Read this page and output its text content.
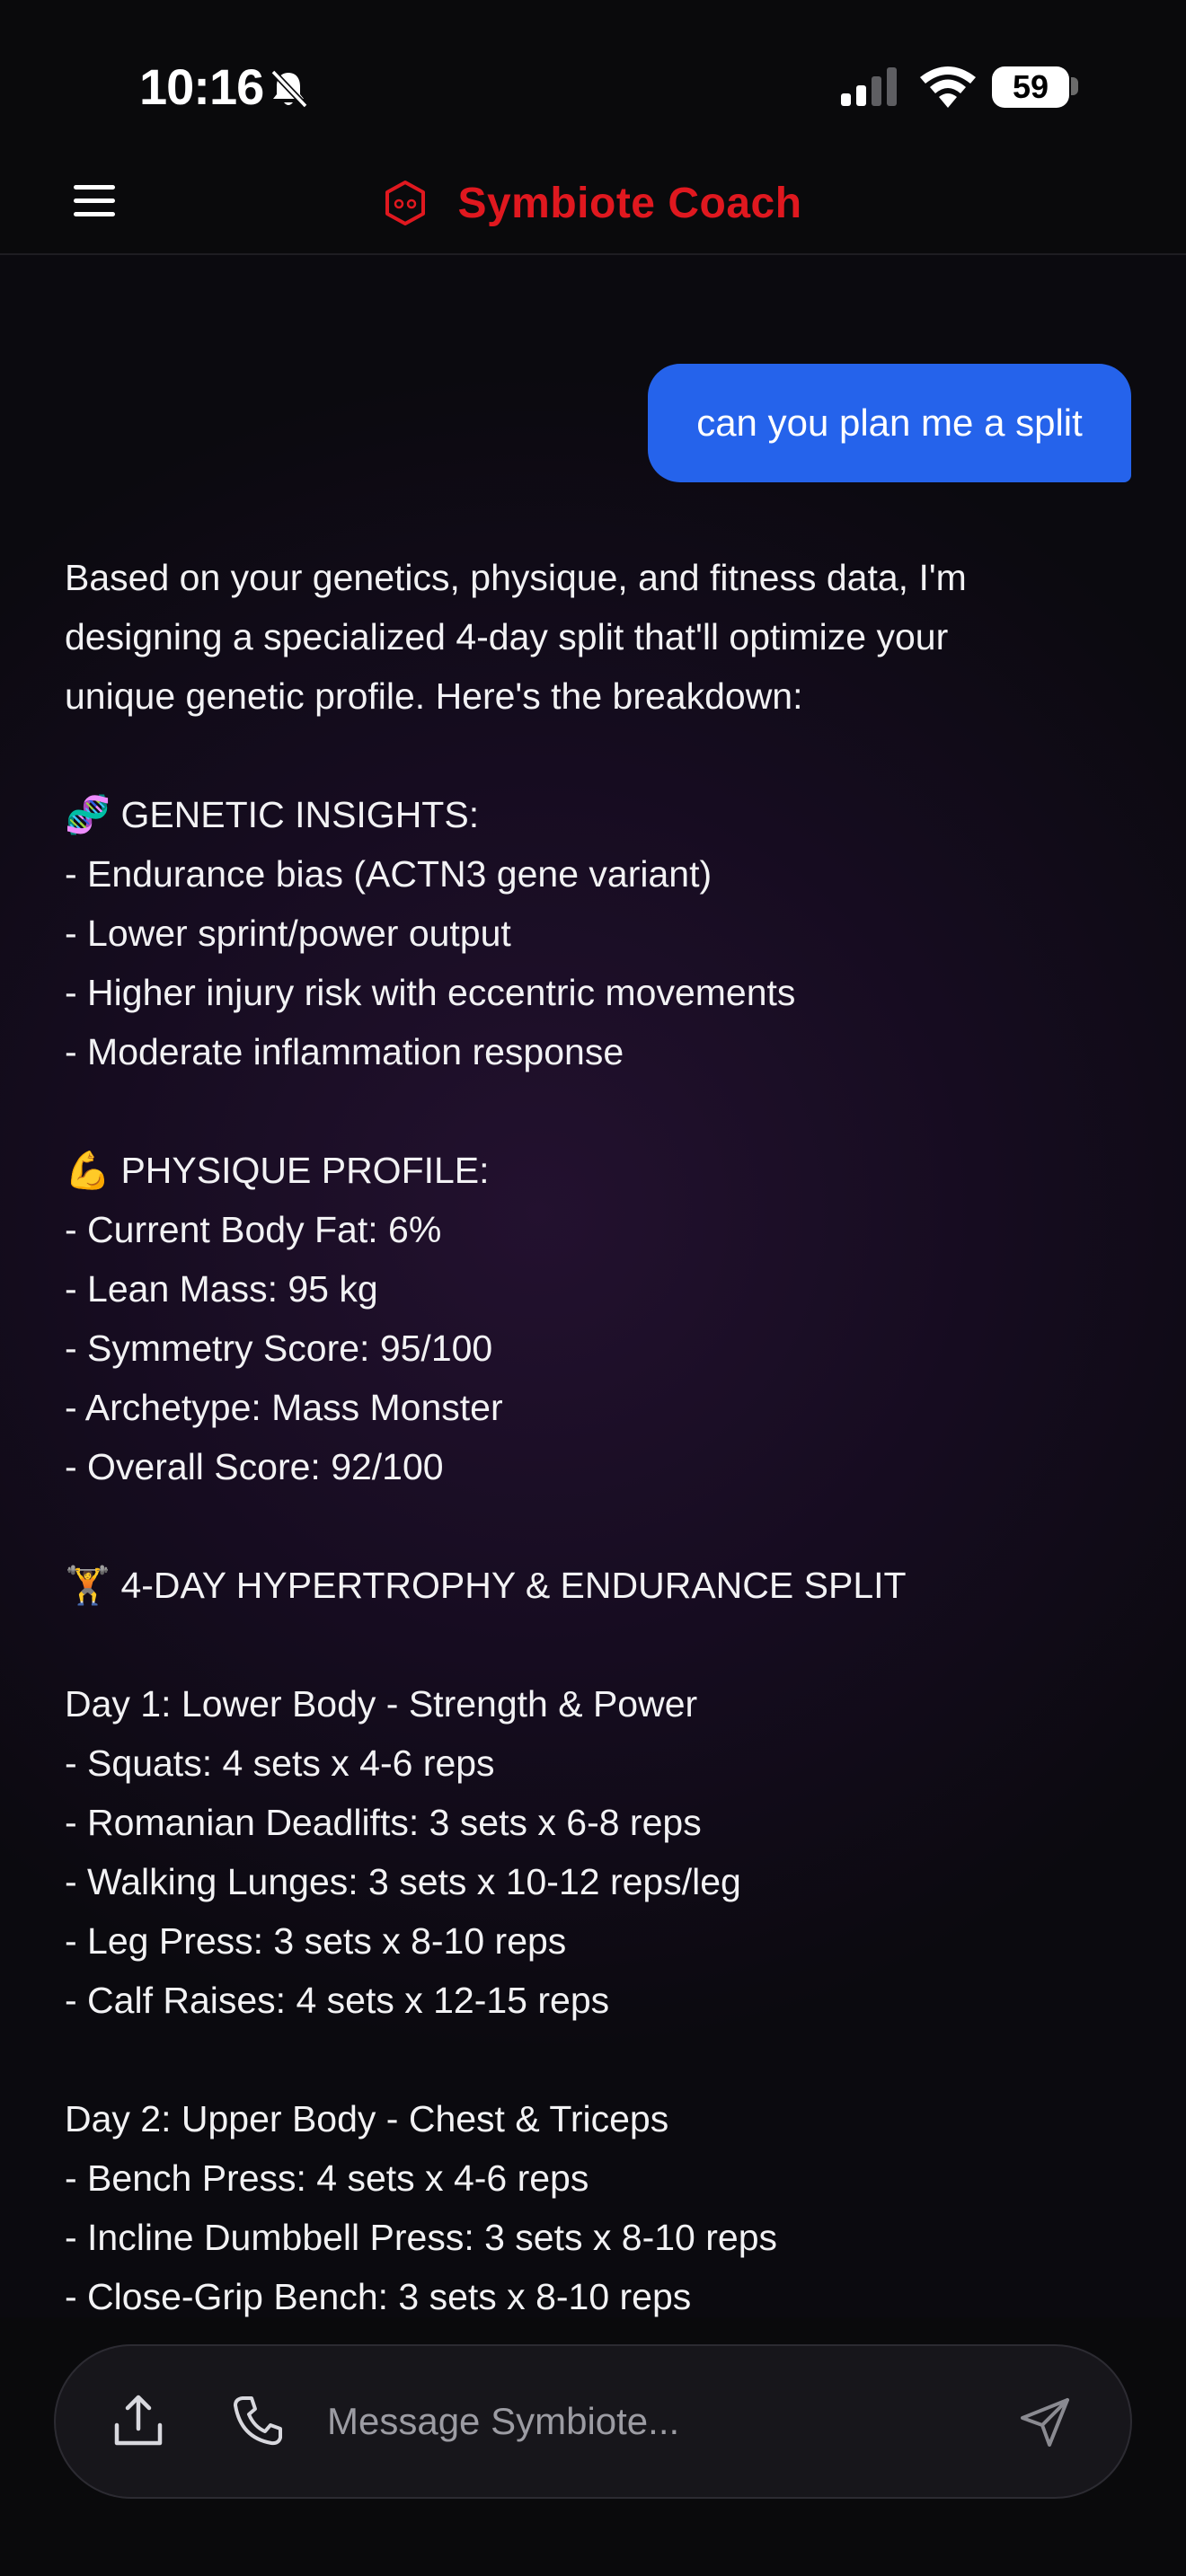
10:16	59
Symbiote Coach
can you plan me a split
Based on your genetics, physique, and fitness data, I'm
designing a specialized 4-day split that'll optimize your
unique genetic profile. Here's the breakdown:
🧬 GENETIC INSIGHTS:
- Endurance bias (ACTN3 gene variant)
- Lower sprint/power output
- Higher injury risk with eccentric movements
- Moderate inflammation response
💪 PHYSIQUE PROFILE:
- Current Body Fat: 6%
- Lean Mass: 95 kg
- Symmetry Score: 95/100
- Archetype: Mass Monster
- Overall Score: 92/100
🏋️ 4-DAY HYPERTROPHY & ENDURANCE SPLIT
Day 1: Lower Body - Strength & Power
- Squats: 4 sets x 4-6 reps
- Romanian Deadlifts: 3 sets x 6-8 reps
- Walking Lunges: 3 sets x 10-12 reps/leg
- Leg Press: 3 sets x 8-10 reps
- Calf Raises: 4 sets x 12-15 reps
Day 2: Upper Body - Chest & Triceps
- Bench Press: 4 sets x 4-6 reps
- Incline Dumbbell Press: 3 sets x 8-10 reps
- Close-Grip Bench: 3 sets x 8-10 reps
Message Symbiote...
